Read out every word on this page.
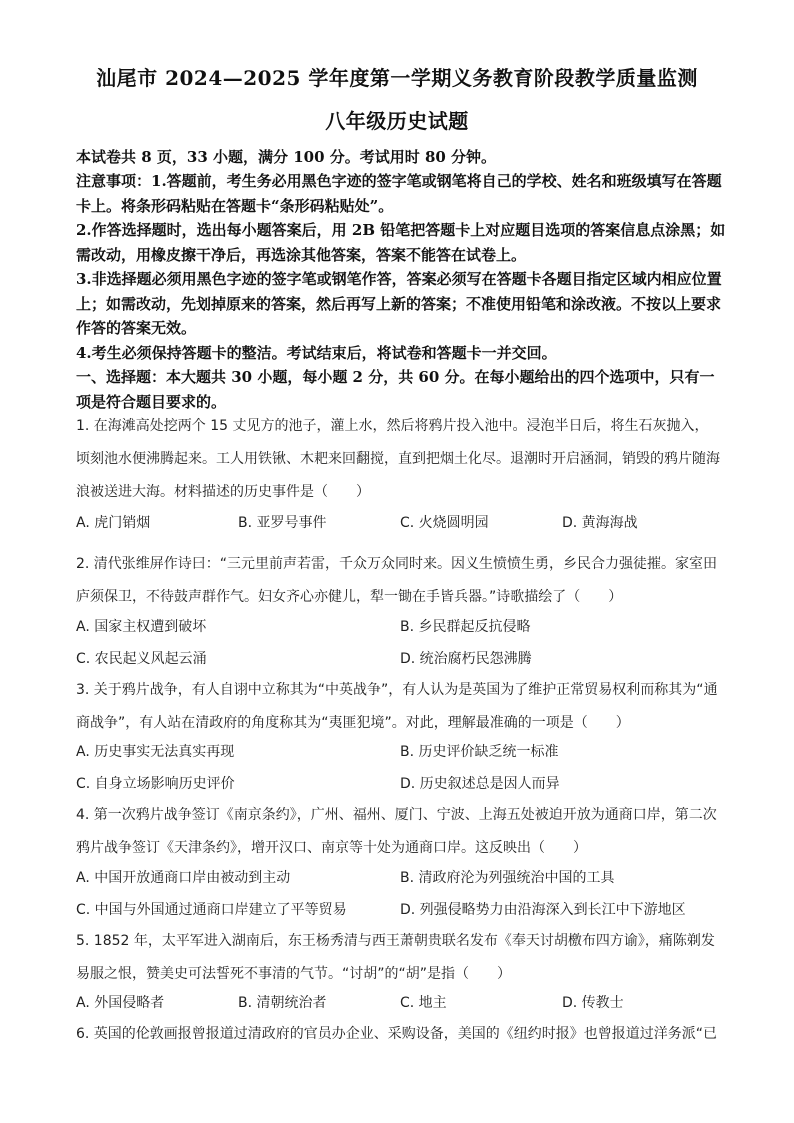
汕尾市 2024—2025 学年度第一学期义务教育阶段教学质量监测
八年级历史试题
本试卷共 8 页，33 小题，满分 100 分。考试用时 80 分钟。
注意事项：1.答题前，考生务必用黑色字迹的签字笔或钢笔将自己的学校、姓名和班级填写在答题卡上。将条形码粘贴在答题卡“条形码粘贴处”。
2.作答选择题时，选出每小题答案后，用 2B 铅笔把答题卡上对应题目选项的答案信息点涂黑；如需改动，用橡皮擦干净后，再选涂其他答案，答案不能答在试卷上。
3.非选择题必须用黑色字迹的签字笔或钢笔作答，答案必须写在答题卡各题目指定区域内相应位置上；如需改动，先划掉原来的答案，然后再写上新的答案；不准使用铅笔和涂改液。不按以上要求作答的答案无效。
4.考生必须保持答题卡的整洁。考试结束后，将试卷和答题卡一并交回。
一、选择题：本大题共 30 小题，每小题 2 分，共 60 分。在每小题给出的四个选项中，只有一项是符合题目要求的。
1. 在海滩高处挖两个 15 丈见方的池子，灌上水，然后将鸦片投入池中。浸泡半日后，将生石灰抛入，顷刻池水便沸腾起来。工人用铁锹、木耙来回翻搅，直到把烟土化尽。退潮时开启涵洞，销毁的鸦片随海浪被送进大海。材料描述的历史事件是（　　）
A. 虎门销烟	B. 亚罗号事件	C. 火烧圆明园	D. 黄海海战
2. 清代张维屏作诗曰：“三元里前声若雷，千众万众同时来。因义生愤愤生勇，乡民合力强徒摧。家室田庐须保卫，不待鼓声群作气。妇女齐心亦健儿，犁一锄在手皆兵器。”诗歌描绘了（　　）
A. 国家主权遭到破坏	B. 乡民群起反抗侵略
C. 农民起义风起云涌	D. 统治腐朽民怨沸腾
3. 关于鸦片战争，有人自诩中立称其为“中英战争”，有人认为是英国为了维护正常贸易权利而称其为“通商战争”，有人站在清政府的角度称其为“夷匪犯境”。对此，理解最准确的一项是（　　）
A. 历史事实无法真实再现	B. 历史评价缺乏统一标准
C. 自身立场影响历史评价	D. 历史叙述总是因人而异
4. 第一次鸦片战争签订《南京条约》，广州、福州、厦门、宁波、上海五处被迫开放为通商口岸，第二次鸦片战争签订《天津条约》，增开汉口、南京等十处为通商口岸。这反映出（　　）
A. 中国开放通商口岸由被动到主动	B. 清政府沦为列强统治中国的工具
C. 中国与外国通过通商口岸建立了平等贸易	D. 列强侵略势力由沿海深入到长江中下游地区
5. 1852 年，太平军进入湖南后，东王杨秀清与西王萧朝贵联名发布《奉天讨胡檄布四方谕》，痛陈剃发易服之恨，赞美史可法誓死不事清的气节。“讨胡”的“胡”是指（　　）
A. 外国侵略者	B. 清朝统治者	C. 地主	D. 传教士
6. 英国的伦敦画报曾报道过清政府的官员办企业、采购设备，美国的《纽约时报》也曾报道过洋务派“已
